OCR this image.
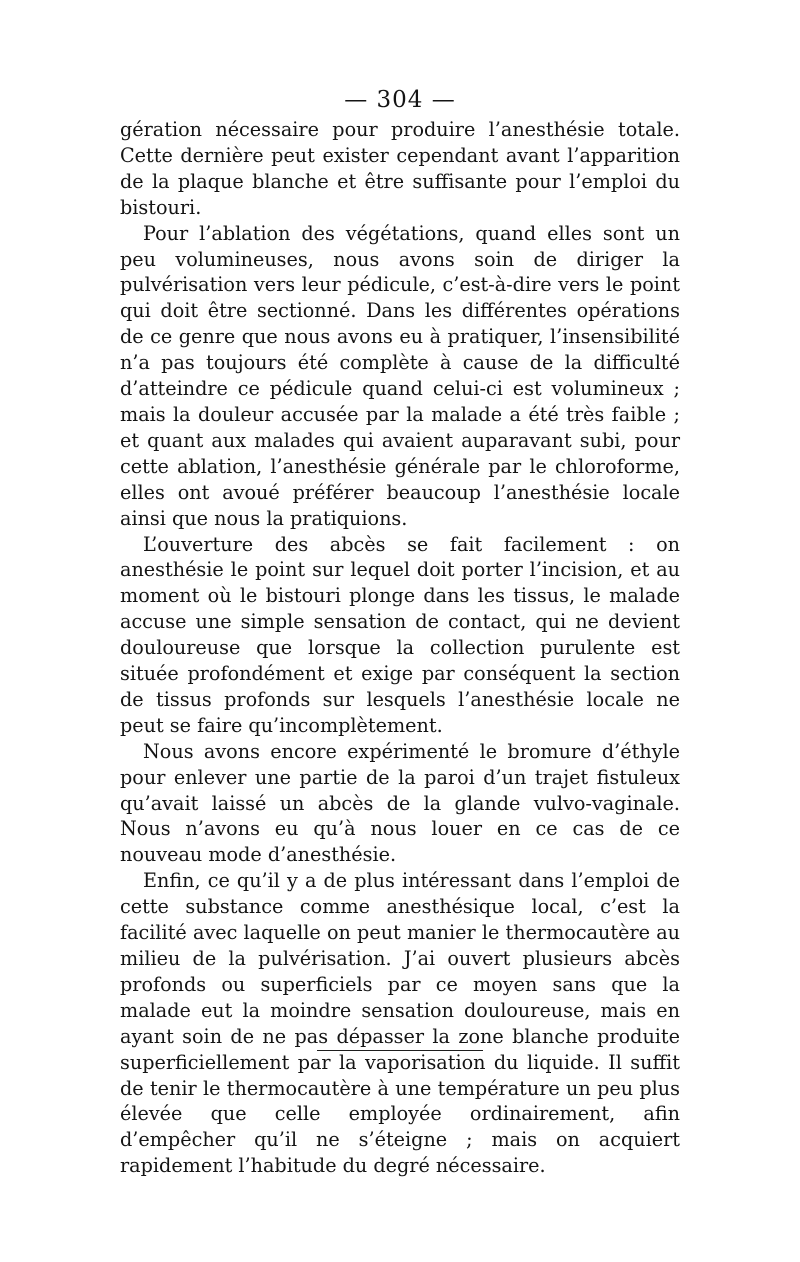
— 304 —

gération nécessaire pour produire l’anesthésie totale. Cette dernière peut exister cependant avant l’apparition de la plaque blanche et être suffisante pour l’emploi du bistouri.

Pour l’ablation des végétations, quand elles sont un peu volumineuses, nous avons soin de diriger la pulvérisation vers leur pédicule, c’est-à-dire vers le point qui doit être sectionné. Dans les différentes opérations de ce genre que nous avons eu à pratiquer, l’insensibilité n’a pas toujours été complète à cause de la difficulté d’atteindre ce pédicule quand celui-ci est volumineux ; mais la douleur accusée par la malade a été très faible ; et quant aux malades qui avaient auparavant subi, pour cette ablation, l’anesthésie générale par le chloroforme, elles ont avoué préférer beaucoup l’anesthésie locale ainsi que nous la pratiquions.

L’ouverture des abcès se fait facilement : on anesthésie le point sur lequel doit porter l’incision, et au moment où le bistouri plonge dans les tissus, le malade accuse une simple sensation de contact, qui ne devient douloureuse que lorsque la collection purulente est située profondément et exige par conséquent la section de tissus profonds sur lesquels l’anesthésie locale ne peut se faire qu’incomplètement.

Nous avons encore expérimenté le bromure d’éthyle pour enlever une partie de la paroi d’un trajet fistuleux qu’avait laissé un abcès de la glande vulvo-vaginale. Nous n’avons eu qu’à nous louer en ce cas de ce nouveau mode d’anesthésie.

Enfin, ce qu’il y a de plus intéressant dans l’emploi de cette substance comme anesthésique local, c’est la facilité avec laquelle on peut manier le thermocautère au milieu de la pulvérisation. J’ai ouvert plusieurs abcès profonds ou superficiels par ce moyen sans que la malade eut la moindre sensation douloureuse, mais en ayant soin de ne pas dépasser la zone blanche produite superficiellement par la vaporisation du liquide. Il suffit de tenir le thermocautère à une température un peu plus élevée que celle employée ordinairement, afin d’empêcher qu’il ne s’éteigne ; mais on acquiert rapidement l’habitude du degré nécessaire.
